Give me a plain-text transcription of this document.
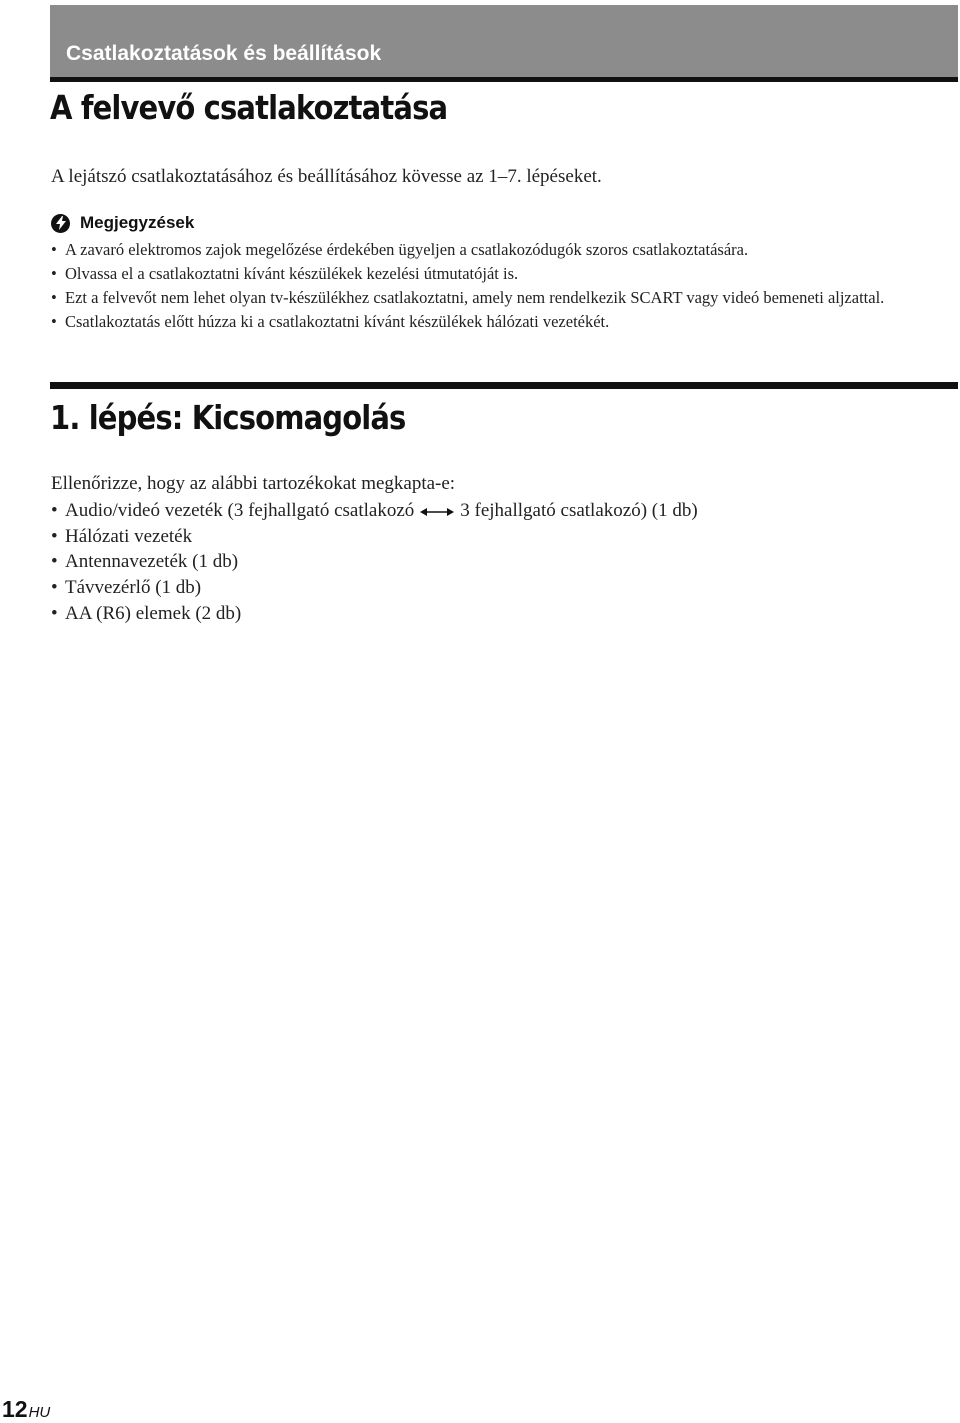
Csatlakoztatások és beállítások
A felvevő csatlakoztatása

A lejátszó csatlakoztatásához és beállításához kövesse az 1–7. lépéseket.

Megjegyzések
• A zavaró elektromos zajok megelőzése érdekében ügyeljen a csatlakozódugók szoros csatlakoztatására.
• Olvassa el a csatlakoztatni kívánt készülékek kezelési útmutatóját is.
• Ezt a felvevőt nem lehet olyan tv-készülékhez csatlakoztatni, amely nem rendelkezik SCART vagy videó bemeneti aljzattal.
• Csatlakoztatás előtt húzza ki a csatlakoztatni kívánt készülékek hálózati vezetékét.
1. lépés: Kicsomagolás

Ellenőrizze, hogy az alábbi tartozékokat megkapta-e:

• Audio/videó vezeték (3 fejhallgató csatlakozó 3 fejhallgató csatlakozó) (1 db)
• Hálózati vezeték
• Antennavezeték (1 db)
• Távvezérlő (1 db)
• AA (R6) elemek (2 db)

12HU
